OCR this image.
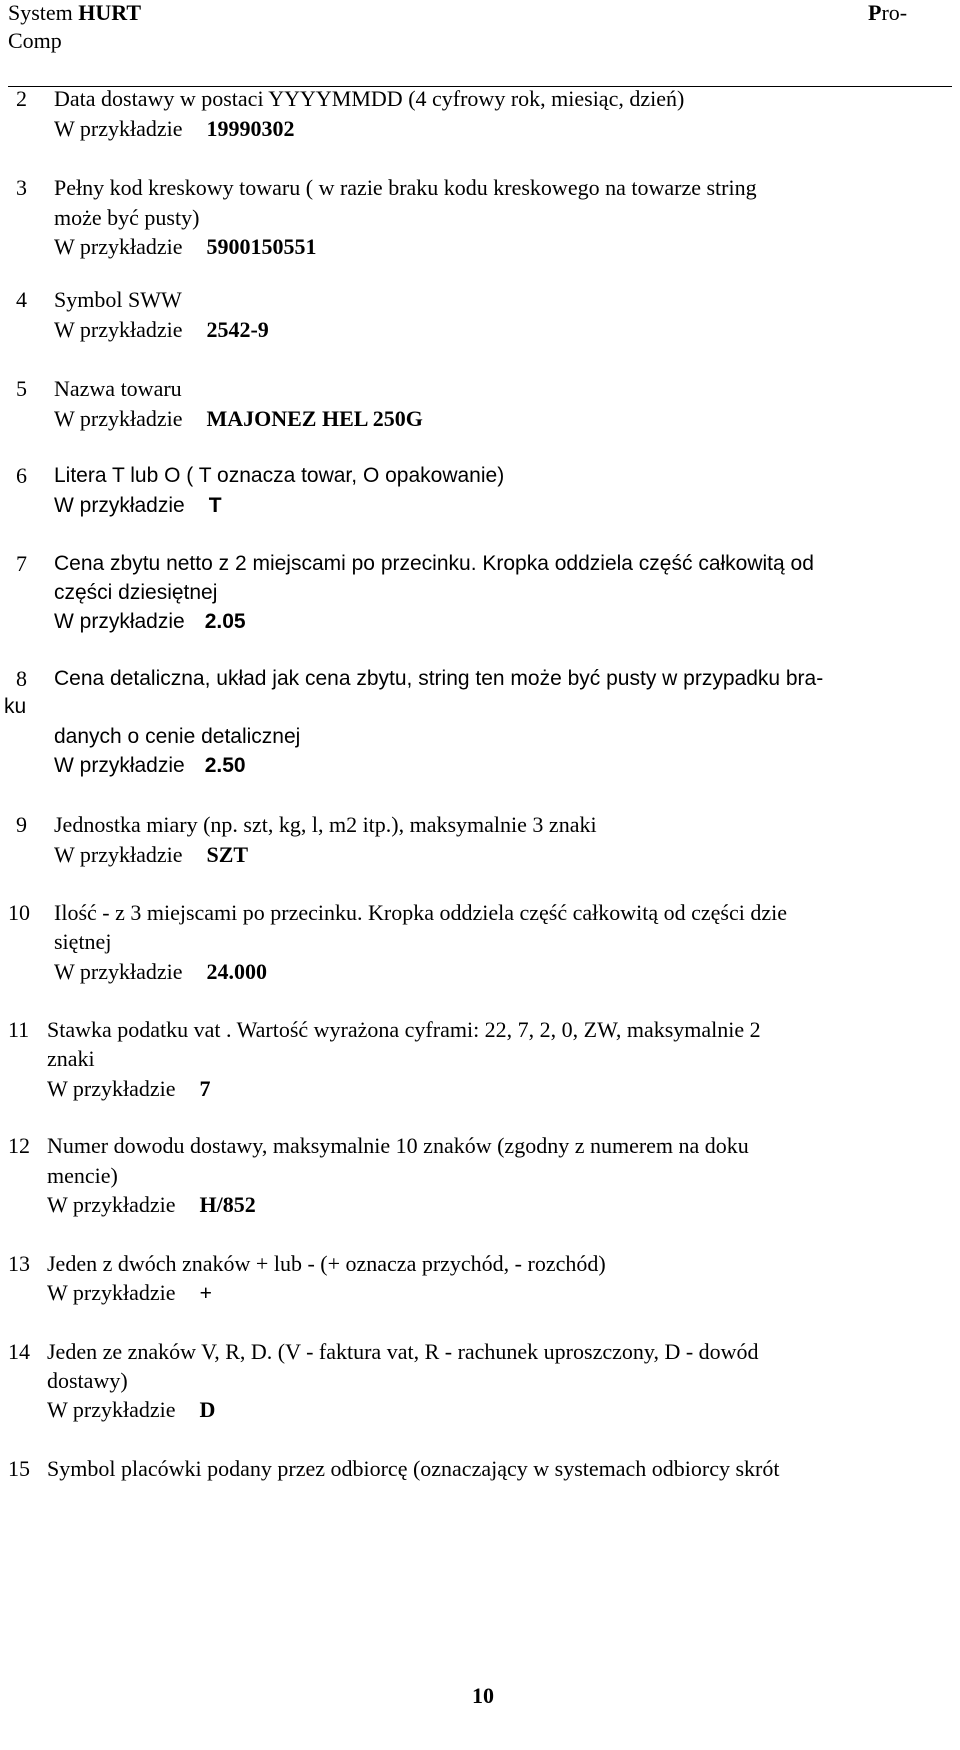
System HURT
Comp
Pro-
2 Data dostawy w postaci YYYYMMDD (4 cyfrowy rok, miesiąc, dzień)
W przykładzie 19990302
3 Pełny kod kreskowy towaru ( w razie braku kodu kreskowego na towarze string
może być pusty)
W przykładzie 5900150551
4 Symbol SWW
W przykładzie 2542-9
5 Nazwa towaru
W przykładzie MAJONEZ HEL 250G
6 Litera T lub O ( T oznacza towar, O opakowanie)
W przykładzie T
7 Cena zbytu netto z 2 miejscami po przecinku. Kropka oddziela część całkowitą od
części dziesiętnej
W przykładzie 2.05
8 Cena detaliczna, układ jak cena zbytu, string ten może być pusty w przypadku bra-
ku
danych o cenie detalicznej
W przykładzie 2.50
9 Jednostka miary (np. szt, kg, l, m2 itp.), maksymalnie 3 znaki
W przykładzie SZT
10 Ilość - z 3 miejscami po przecinku. Kropka oddziela część całkowitą od części dzie
siętnej
W przykładzie 24.000
11 Stawka podatku vat . Wartość wyrażona cyframi: 22, 7, 2, 0, ZW, maksymalnie 2
znaki
W przykładzie 7
12 Numer dowodu dostawy, maksymalnie 10 znaków (zgodny z numerem na doku
mencie)
W przykładzie H/852
13 Jeden z dwóch znaków + lub - (+ oznacza przychód, - rozchód)
W przykładzie +
14 Jeden ze znaków V, R, D. (V - faktura vat, R - rachunek uproszczony, D - dowód
dostawy)
W przykładzie D
15 Symbol placówki podany przez odbiorcę (oznaczający w systemach odbiorcy skrót
10
